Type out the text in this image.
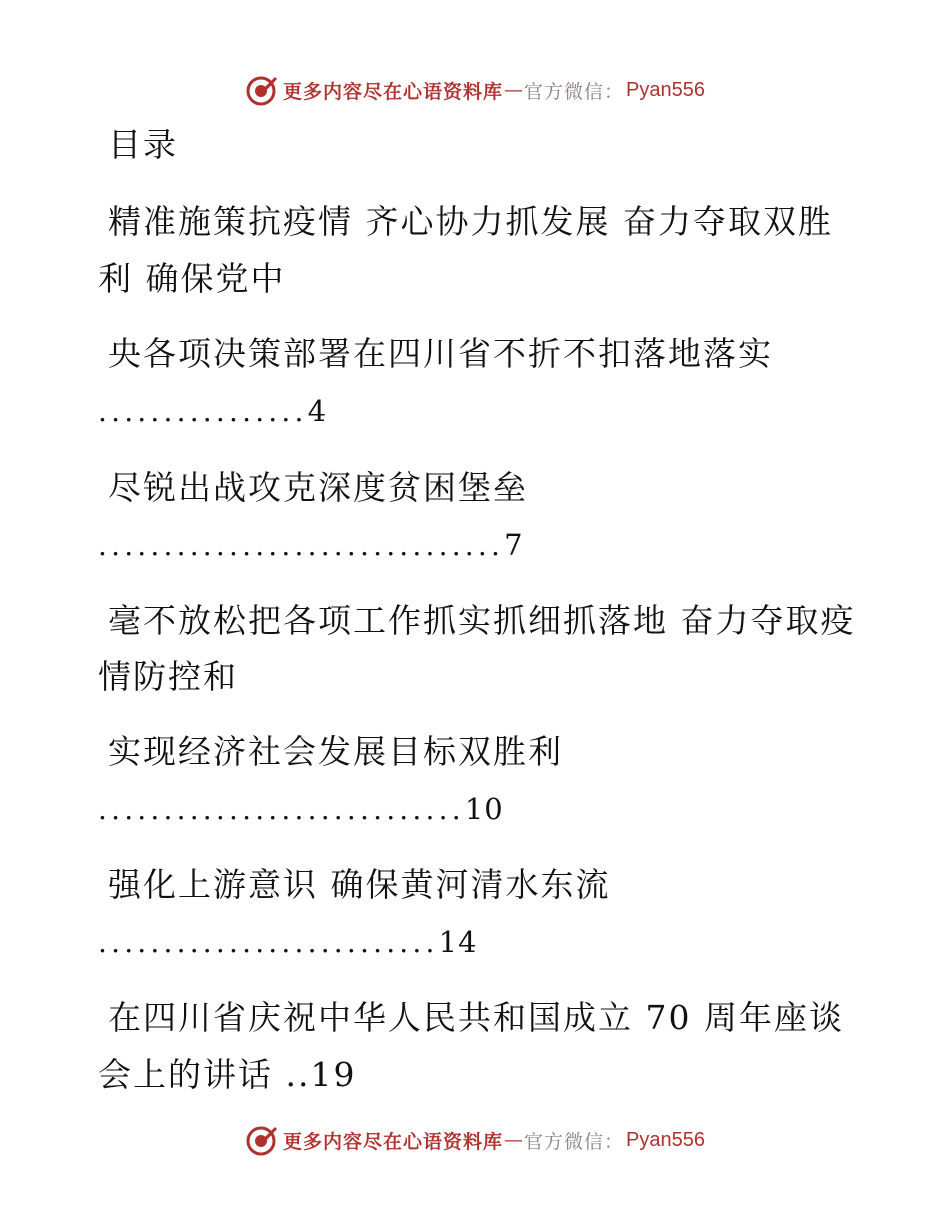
更多内容尽在心语资料库 — 官方微信： Pyan556
目录
精准施策抗疫情 齐心协力抓发展 奋力夺取双胜
利 确保党中
央各项决策部署在四川省不折不扣落地落实
................4
尽锐出战攻克深度贫困堡垒
...............................7
毫不放松把各项工作抓实抓细抓落地 奋力夺取疫
情防控和
实现经济社会发展目标双胜利
............................10
强化上游意识 确保黄河清水东流
..........................14
在四川省庆祝中华人民共和国成立 70 周年座谈
会上的讲话 ..19
更多内容尽在心语资料库 — 官方微信： Pyan556
